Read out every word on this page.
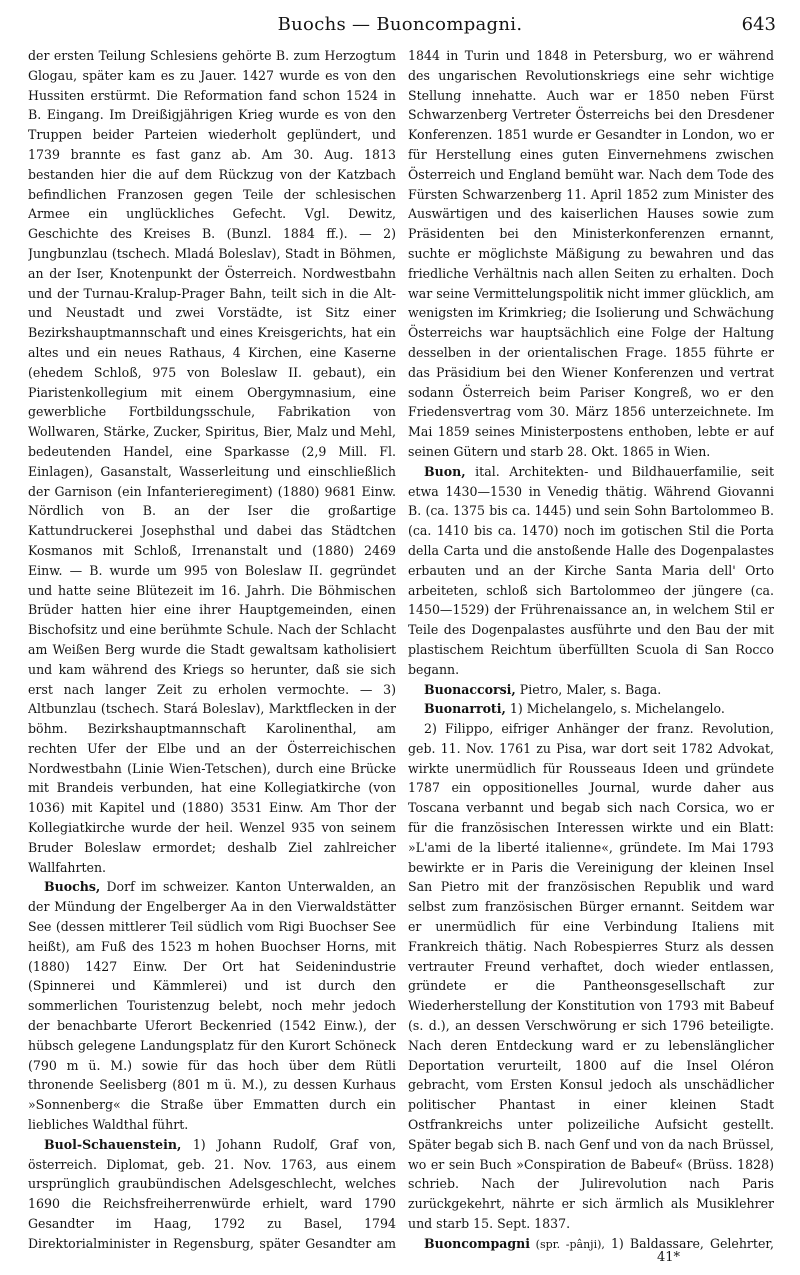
Buochs — Buoncompagni.	643

der ersten Teilung Schlesiens gehörte B. zum Herzogtum Glogau, später kam es zu Jauer. 1427 wurde es von den Hussiten erstürmt. Die Reformation fand schon 1524 in B. Eingang. Im Dreißigjährigen Krieg wurde es von den Truppen beider Parteien wiederholt geplündert, und 1739 brannte es fast ganz ab. Am 30. Aug. 1813 bestanden hier die auf dem Rückzug von der Katzbach befindlichen Franzosen gegen Teile der schlesischen Armee ein unglückliches Gefecht. Vgl. Dewitz, Geschichte des Kreises B. (Bunzl. 1884 ff.). — 2) Jungbunzlau (tschech. Mladá Boleslav), Stadt in Böhmen, an der Iser, Knotenpunkt der Österreich. Nordwestbahn und der Turnau-Kralup-Prager Bahn, teilt sich in die Alt- und Neustadt und zwei Vorstädte, ist Sitz einer Bezirkshauptmannschaft und eines Kreisgerichts, hat ein altes und ein neues Rathaus, 4 Kirchen, eine Kaserne (ehedem Schloß, 975 von Boleslaw II. gebaut), ein Piaristenkollegium mit einem Obergymnasium, eine gewerbliche Fortbildungsschule, Fabrikation von Wollwaren, Stärke, Zucker, Spiritus, Bier, Malz und Mehl, bedeutenden Handel, eine Sparkasse (2,9 Mill. Fl. Einlagen), Gasanstalt, Wasserleitung und einschließlich der Garnison (ein Infanterieregiment) (1880) 9681 Einw. Nördlich von B. an der Iser die großartige Kattundruckerei Josephsthal und dabei das Städtchen Kosmanos mit Schloß, Irrenanstalt und (1880) 2469 Einw. — B. wurde um 995 von Boleslaw II. gegründet und hatte seine Blütezeit im 16. Jahrh. Die Böhmischen Brüder hatten hier eine ihrer Hauptgemeinden, einen Bischofsitz und eine berühmte Schule. Nach der Schlacht am Weißen Berg wurde die Stadt gewaltsam katholisiert und kam während des Kriegs so herunter, daß sie sich erst nach langer Zeit zu erholen vermochte. — 3) Altbunzlau (tschech. Stará Boleslav), Marktflecken in der böhm. Bezirkshauptmannschaft Karolinenthal, am rechten Ufer der Elbe und an der Österreichischen Nordwestbahn (Linie Wien-Tetschen), durch eine Brücke mit Brandeis verbunden, hat eine Kollegiatkirche (von 1036) mit Kapitel und (1880) 3531 Einw. Am Thor der Kollegiatkirche wurde der heil. Wenzel 935 von seinem Bruder Boleslaw ermordet; deshalb Ziel zahlreicher Wallfahrten.

Buochs, Dorf im schweizer. Kanton Unterwalden, an der Mündung der Engelberger Aa in den Vierwaldstätter See (dessen mittlerer Teil südlich vom Rigi Buochser See heißt), am Fuß des 1523 m hohen Buochser Horns, mit (1880) 1427 Einw. Der Ort hat Seidenindustrie (Spinnerei und Kämmlerei) und ist durch den sommerlichen Touristenzug belebt, noch mehr jedoch der benachbarte Uferort Beckenried (1542 Einw.), der hübsch gelegene Landungsplatz für den Kurort Schöneck (790 m ü. M.) sowie für das hoch über dem Rütli thronende Seelisberg (801 m ü. M.), zu dessen Kurhaus »Sonnenberg« die Straße über Emmatten durch ein liebliches Waldthal führt.

Buol-Schauenstein, 1) Johann Rudolf, Graf von, österreich. Diplomat, geb. 21. Nov. 1763, aus einem ursprünglich graubündischen Adelsgeschlecht, welches 1690 die Reichsfreiherrenwürde erhielt, ward 1790 Gesandter im Haag, 1792 zu Basel, 1794 Direktorialminister in Regensburg, später Gesandter am

1844 in Turin und 1848 in Petersburg, wo er während des ungarischen Revolutionskriegs eine sehr wichtige Stellung innehatte. Auch war er 1850 neben Fürst Schwarzenberg Vertreter Österreichs bei den Dresdener Konferenzen. 1851 wurde er Gesandter in London, wo er für Herstellung eines guten Einvernehmens zwischen Österreich und England bemüht war. Nach dem Tode des Fürsten Schwarzenberg 11. April 1852 zum Minister des Auswärtigen und des kaiserlichen Hauses sowie zum Präsidenten bei den Ministerkonferenzen ernannt, suchte er möglichste Mäßigung zu bewahren und das friedliche Verhältnis nach allen Seiten zu erhalten. Doch war seine Vermittelungspolitik nicht immer glücklich, am wenigsten im Krimkrieg; die Isolierung und Schwächung Österreichs war hauptsächlich eine Folge der Haltung desselben in der orientalischen Frage. 1855 führte er das Präsidium bei den Wiener Konferenzen und vertrat sodann Österreich beim Pariser Kongreß, wo er den Friedensvertrag vom 30. März 1856 unterzeichnete. Im Mai 1859 seines Ministerpostens enthoben, lebte er auf seinen Gütern und starb 28. Okt. 1865 in Wien.

Buon, ital. Architekten- und Bildhauerfamilie, seit etwa 1430—1530 in Venedig thätig. Während Giovanni B. (ca. 1375 bis ca. 1445) und sein Sohn Bartolommeo B. (ca. 1410 bis ca. 1470) noch im gotischen Stil die Porta della Carta und die anstoßende Halle des Dogenpalastes erbauten und an der Kirche Santa Maria dell' Orto arbeiteten, schloß sich Bartolommeo der jüngere (ca. 1450—1529) der Frührenaissance an, in welchem Stil er Teile des Dogenpalastes ausführte und den Bau der mit plastischem Reichtum überfüllten Scuola di San Rocco begann.

Buonaccorsi, Pietro, Maler, s. Baga.

Buonarroti, 1) Michelangelo, s. Michelangelo.

2) Filippo, eifriger Anhänger der franz. Revolution, geb. 11. Nov. 1761 zu Pisa, war dort seit 1782 Advokat, wirkte unermüdlich für Rousseaus Ideen und gründete 1787 ein oppositionelles Journal, wurde daher aus Toscana verbannt und begab sich nach Corsica, wo er für die französischen Interessen wirkte und ein Blatt: »L'ami de la liberté italienne«, gründete. Im Mai 1793 bewirkte er in Paris die Vereinigung der kleinen Insel San Pietro mit der französischen Republik und ward selbst zum französischen Bürger ernannt. Seitdem war er unermüdlich für eine Verbindung Italiens mit Frankreich thätig. Nach Robespierres Sturz als dessen vertrauter Freund verhaftet, doch wieder entlassen, gründete er die Pantheonsgesellschaft zur Wiederherstellung der Konstitution von 1793 mit Babeuf (s. d.), an dessen Verschwörung er sich 1796 beteiligte. Nach deren Entdeckung ward er zu lebenslänglicher Deportation verurteilt, 1800 auf die Insel Oléron gebracht, vom Ersten Konsul jedoch als unschädlicher politischer Phantast in einer kleinen Stadt Ostfrankreichs unter polizeiliche Aufsicht gestellt. Später begab sich B. nach Genf und von da nach Brüssel, wo er sein Buch »Conspiration de Babeuf« (Brüss. 1828) schrieb. Nach der Julirevolution nach Paris zurückgekehrt, nährte er sich ärmlich als Musiklehrer und starb 15. Sept. 1837.

Buoncompagni (spr. -pânji), 1) Baldassare, Gelehrter,

41*
